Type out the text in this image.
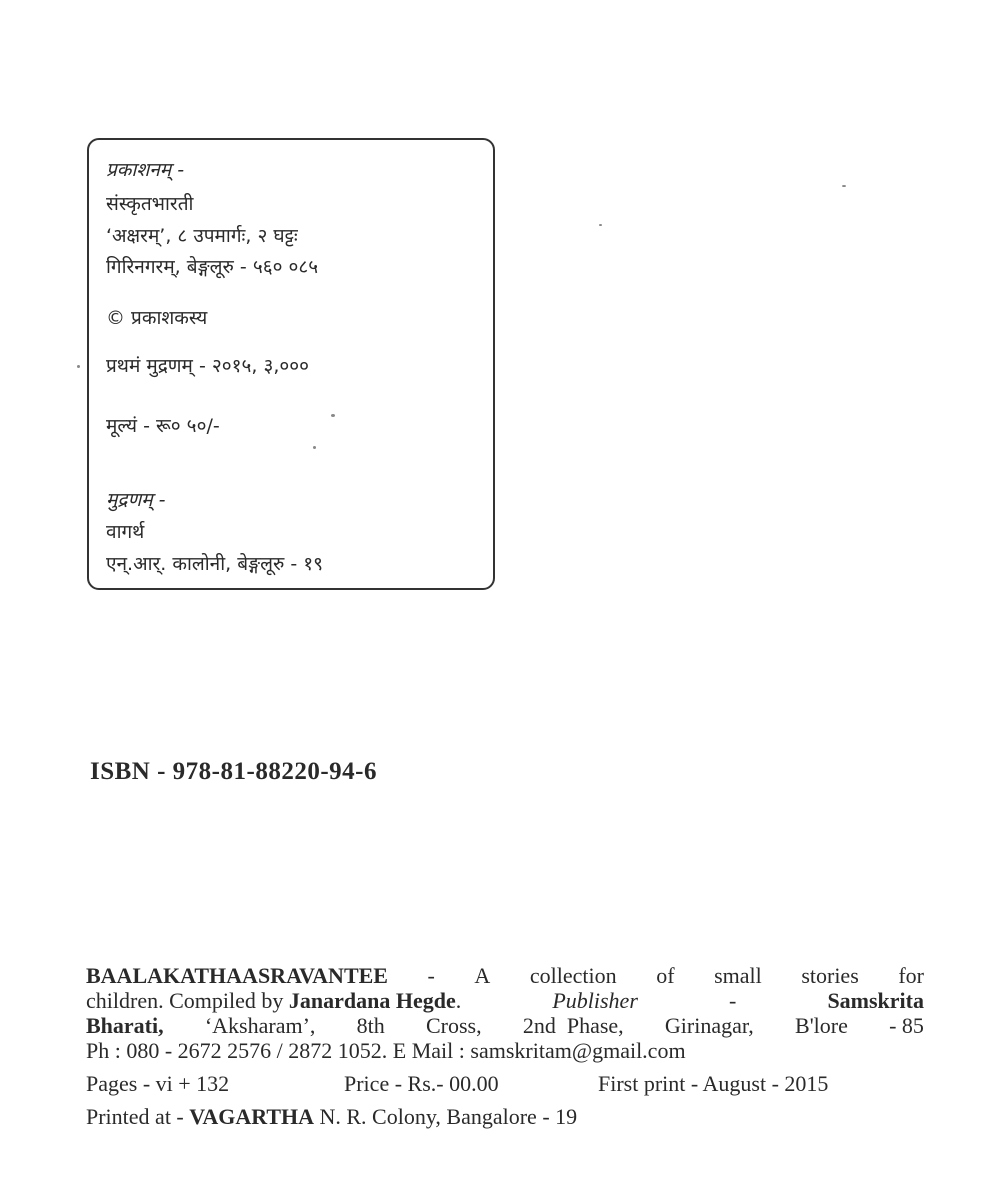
प्रकाशनम् -
संस्कृतभारती
‘अक्षरम्’, ८ उपमार्गः, २ घट्टः
गिरिनगरम्, बेङ्गलूरु - ५६० ०८५
© प्रकाशकस्य
प्रथमं मुद्रणम् - २०१५, ३,०००
मूल्यं - रू० ५०/-
मुद्रणम् -
वागर्थ
एन्.आर्. कालोनी, बेङ्गलूरु - १९
ISBN - 978-81-88220-94-6
BAALAKATHAASRAVANTEE - A collection of small stories for
children. Compiled by Janardana Hegde.	Publisher	-	Samskrita
Bharati, ‘Aksharam’, 8th Cross, 2nd  Phase, Girinagar, B'lore - 85
Ph : 080 - 2672 2576 / 2872 1052. E Mail : samskritam@gmail.com
Pages - vi + 132	Price - Rs.- 00.00	First print - August - 2015
Printed at - VAGARTHA N. R. Colony, Bangalore - 19
